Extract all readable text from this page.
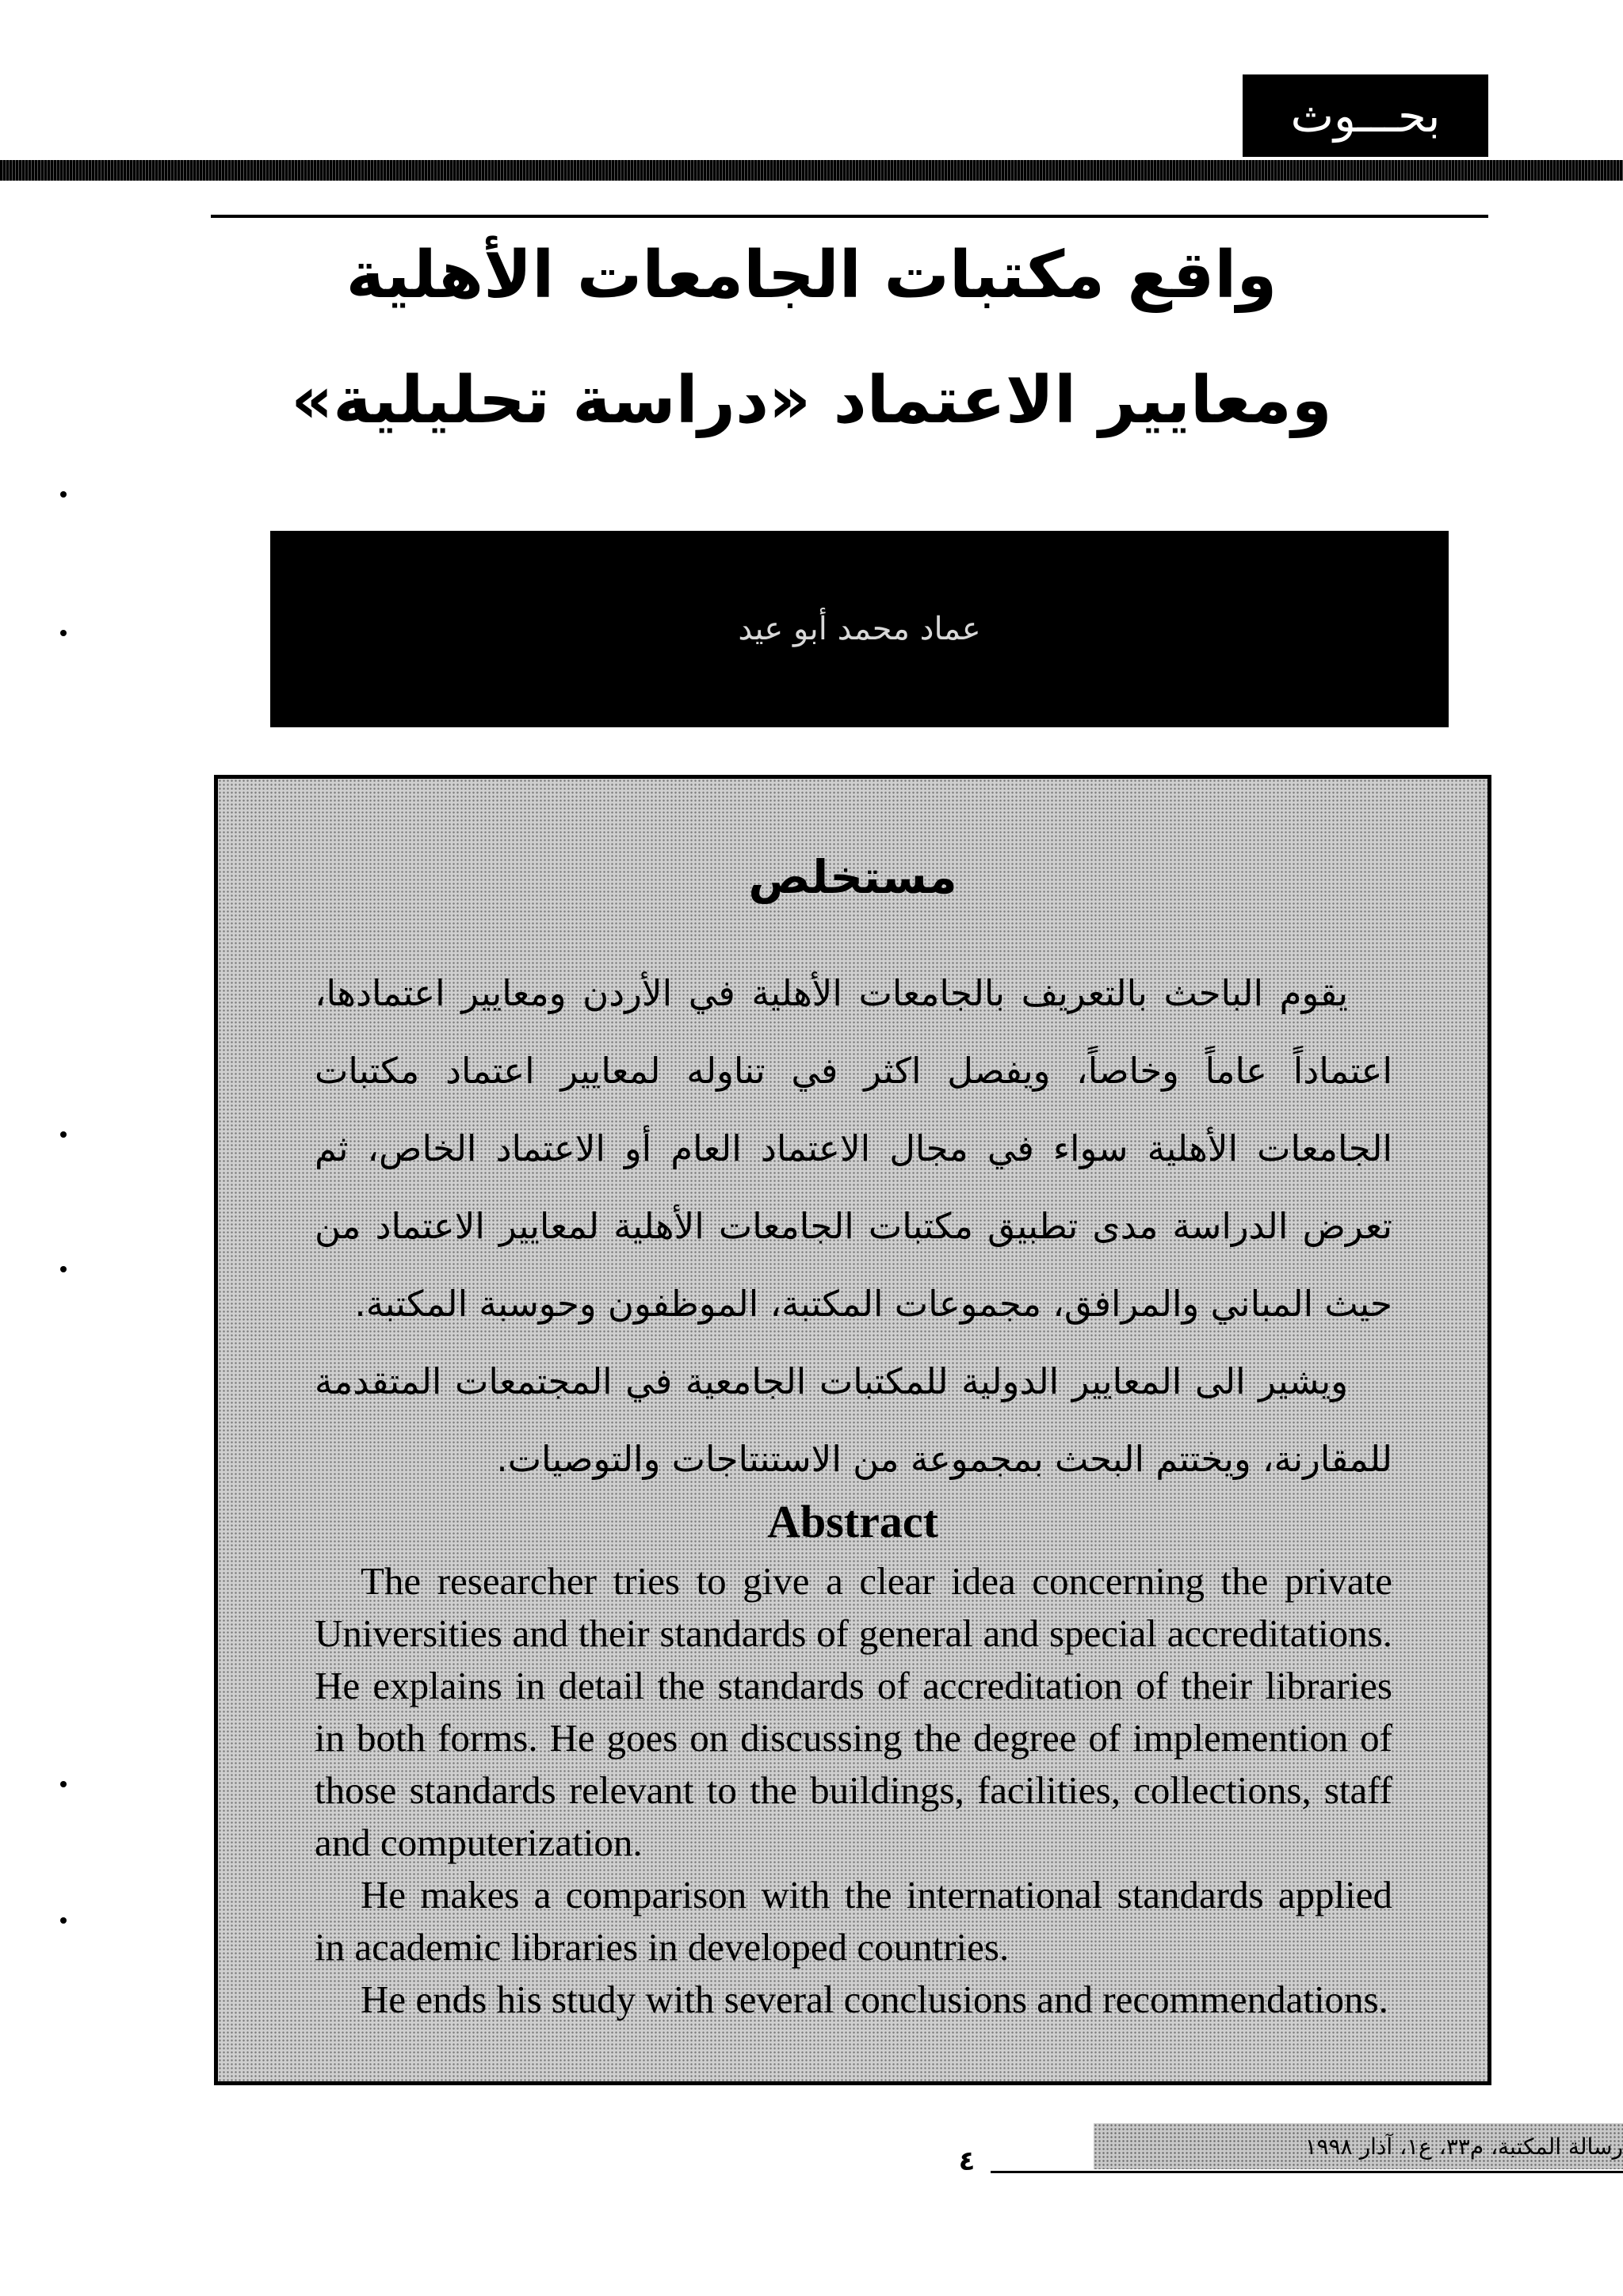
بحـــوث
واقع مكتبات الجامعات الأهلية
ومعايير الاعتماد «دراسة تحليلية»
عماد محمد أبو عيد
مستخلص
يقوم الباحث بالتعريف بالجامعات الأهلية في الأردن ومعايير اعتمادها، اعتماداً عاماً وخاصاً، ويفصل اكثر في تناوله لمعايير اعتماد مكتبات الجامعات الأهلية سواء في مجال الاعتماد العام أو الاعتماد الخاص، ثم تعرض الدراسة مدى تطبيق مكتبات الجامعات الأهلية لمعايير الاعتماد من حيث المباني والمرافق، مجموعات المكتبة، الموظفون وحوسبة المكتبة.
ويشير الى المعايير الدولية للمكتبات الجامعية في المجتمعات المتقدمة للمقارنة، ويختتم البحث بمجموعة من الاستنتاجات والتوصيات.
Abstract
The researcher tries to give a clear idea concerning the private Universities and their standards of general and special accreditations. He explains in detail the standards of accreditation of their libraries in both forms. He goes on discussing the degree of implemention of those standards relevant to the buildings, facilities, collections, staff and computerization.
He makes a comparison with the international standards applied in academic libraries in developed countries.
He ends his study with several conclusions and recommendations.
رسالة المكتبة، م٣٣، ع١، آذار ١٩٩٨
٤
